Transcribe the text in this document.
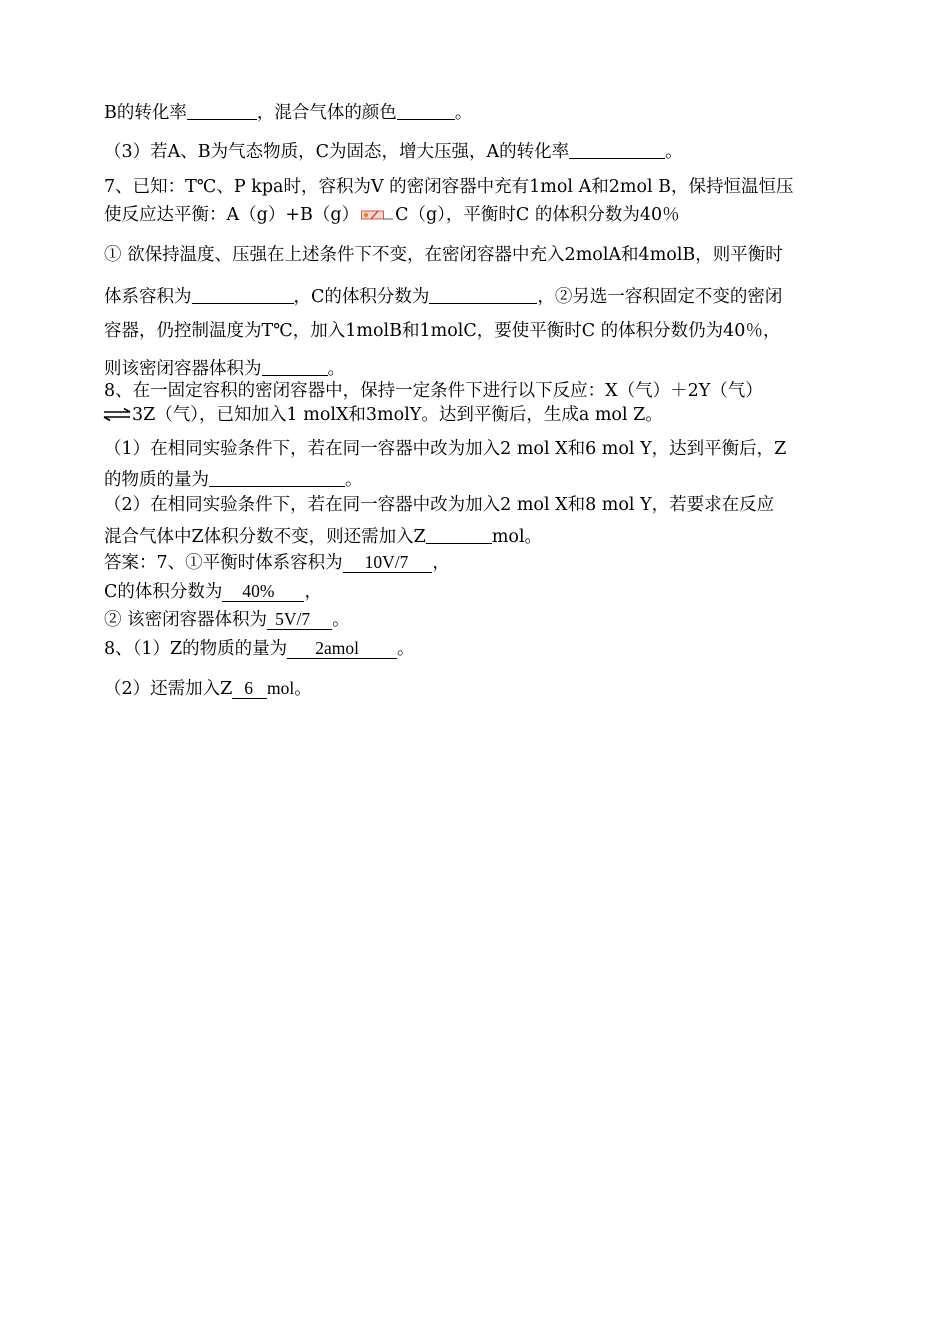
B的转化率	，混合气体的颜色	。
（3）若A、B为气态物质，C为固态，增大压强，A的转化率	。
7、已知：T℃、P kpa时，容积为V 的密闭容器中充有1mol A和2mol B，保持恒温恒压
使反应达平衡：A（g）+B（g） C（g），平衡时C 的体积分数为40％
① 欲保持温度、压强在上述条件下不变，在密闭容器中充入2molA和4molB，则平衡时
体系容积为	，C的体积分数为	，②另选一容积固定不变的密闭
容器，仍控制温度为T℃，加入1molB和1molC，要使平衡时C 的体积分数仍为40％，
则该密闭容器体积为	。
8、在一固定容积的密闭容器中，保持一定条件下进行以下反应：X（气）＋2Y（气）
⇌3Z（气），已知加入1 molX和3molY。达到平衡后，生成a mol Z。
（1）在相同实验条件下，若在同一容器中改为加入2 mol X和6 mol Y，达到平衡后，Z
的物质的量为	。
（2）在相同实验条件下，若在同一容器中改为加入2 mol X和8 mol Y，若要求在反应
混合气体中Z体积分数不变，则还需加入Z	mol。
答案：7、①平衡时体系容积为 10V/7 ，
C的体积分数为 40% ，
② 该密闭容器体积为 5V/7 。
8、（1）Z的物质的量为 2amol 。
（2）还需加入Z 6 mol。
